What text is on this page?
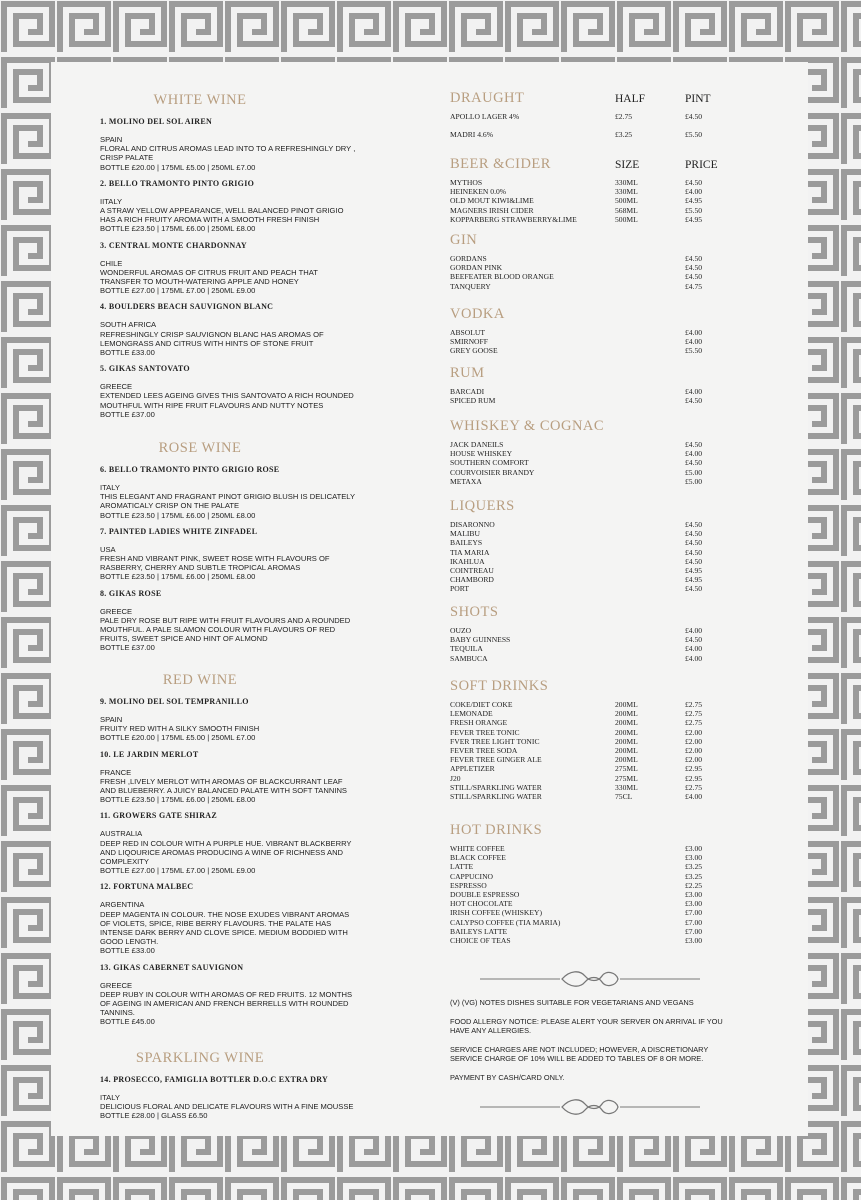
WHITE WINE
1. MOLINO DEL SOL AIREN
SPAIN
FLORAL AND CITRUS AROMAS LEAD INTO TO A REFRESHINGLY DRY ,
CRISP PALATE
BOTTLE £20.00 | 175ML £5.00 | 250ML £7.00
2. BELLO TRAMONTO PINTO GRIGIO
IITALY
A STRAW YELLOW APPEARANCE, WELL BALANCED PINOT GRIGIO
HAS A RICH FRUITY AROMA WITH A SMOOTH FRESH FINISH
BOTTLE £23.50 | 175ML £6.00 | 250ML £8.00
3. CENTRAL MONTE CHARDONNAY
CHILE
WONDERFUL AROMAS OF CITRUS FRUIT AND PEACH THAT
TRANSFER TO MOUTH-WATERING APPLE AND HONEY
BOTTLE £27.00 | 175ML £7.00 | 250ML £9.00
4. BOULDERS BEACH SAUVIGNON BLANC
SOUTH AFRICA
REFRESHINGLY CRISP SAUVIGNON BLANC HAS AROMAS OF
LEMONGRASS AND CITRUS WITH HINTS OF STONE FRUIT
BOTTLE £33.00
5. GIKAS SANTOVATO
GREECE
EXTENDED LEES AGEING GIVES THIS SANTOVATO A RICH ROUNDED
MOUTHFUL WITH RIPE FRUIT FLAVOURS AND NUTTY NOTES
BOTTLE £37.00
ROSE WINE
6. BELLO TRAMONTO PINTO GRIGIO ROSE
ITALY
THIS ELEGANT AND FRAGRANT PINOT GRIGIO BLUSH IS DELICATELY
AROMATICALY CRISP ON THE PALATE
BOTTLE £23.50 | 175ML £6.00 | 250ML £8.00
7. PAINTED LADIES WHITE ZINFADEL
USA
FRESH AND VIBRANT PINK, SWEET ROSE WITH FLAVOURS OF
RASBERRY, CHERRY AND SUBTLE TROPICAL AROMAS
BOTTLE £23.50 | 175ML £6.00 | 250ML £8.00
8. GIKAS ROSE
GREECE
PALE DRY ROSE BUT RIPE WITH FRUIT FLAVOURS AND A ROUNDED
MOUTHFUL. A PALE SLAMON COLOUR WITH FLAVOURS OF RED
FRUITS, SWEET SPICE AND HINT OF ALMOND
BOTTLE £37.00
RED WINE
9. MOLINO DEL SOL TEMPRANILLO
SPAIN
FRUITY RED WITH A SILKY SMOOTH FINISH
BOTTLE £20.00 | 175ML £5.00 | 250ML £7.00
10. LE JARDIN MERLOT
FRANCE
FRESH ,LIVELY MERLOT WITH AROMAS OF BLACKCURRANT LEAF
AND BLUEBERRY. A JUICY BALANCED PALATE WITH SOFT TANNINS
BOTTLE £23.50 | 175ML £6.00 | 250ML £8.00
11. GROWERS GATE SHIRAZ
AUSTRALIA
DEEP RED IN COLOUR WITH A PURPLE HUE. VIBRANT BLACKBERRY
AND LIQOURICE AROMAS PRODUCING A WINE OF RICHNESS AND
COMPLEXITY
BOTTLE £27.00 | 175ML £7.00 | 250ML £9.00
12. FORTUNA MALBEC
ARGENTINA
DEEP MAGENTA IN COLOUR. THE NOSE EXUDES VIBRANT AROMAS
OF VIOLETS, SPICE, RIBE BERRY FLAVOURS. THE PALATE HAS
INTENSE DARK BERRY AND CLOVE SPICE. MEDIUM BODDIED WITH
GOOD LENGTH.
BOTTLE £33.00
13. GIKAS CABERNET SAUVIGNON
GREECE
DEEP RUBY IN COLOUR WITH AROMAS OF RED FRUITS. 12 MONTHS
OF AGEING IN AMERICAN AND FRENCH BERRELLS WITH ROUNDED
TANNINS.
BOTTLE £45.00
SPARKLING WINE
14. PROSECCO, FAMIGLIA BOTTLER D.O.C EXTRA DRY
ITALY
DELICIOUS FLORAL AND DELICATE FLAVOURS WITH A FINE MOUSSE
BOTTLE £28.00 | GLASS £6.50
DRAUGHT	HALF	PINT
APOLLO LAGER 4%	£2.75	£4.50
MADRI 4.6%	£3.25	£5.50
BEER &CIDER	SIZE	PRICE
MYTHOS	330ML	£4.50
HEINEKEN 0.0%	330ML	£4.00
OLD MOUT KIWI&LIME	500ML	£4.95
MAGNERS IRISH CIDER	568ML	£5.50
KOPPARBERG STRAWBERRY&LIME	500ML	£4.95
GIN
GORDANS	£4.50
GORDAN PINK	£4.50
BEEFEATER BLOOD ORANGE	£4.50
TANQUERY	£4.75
VODKA
ABSOLUT	£4.00
SMIRNOFF	£4.00
GREY GOOSE	£5.50
RUM
BARCADI	£4.00
SPICED RUM	£4.50
WHISKEY & COGNAC
JACK DANEILS	£4.50
HOUSE WHISKEY	£4.00
SOUTHERN COMFORT	£4.50
COURVOISIER BRANDY	£5.00
METAXA	£5.00
LIQUERS
DISARONNO	£4.50
MALIBU	£4.50
BAILEYS	£4.50
TIA MARIA	£4.50
IKAHLUA	£4.50
COINTREAU	£4.95
CHAMBORD	£4.95
PORT	£4.50
SHOTS
OUZO	£4.00
BABY GUINNESS	£4.50
TEQUILA	£4.00
SAMBUCA	£4.00
SOFT DRINKS
COKE/DIET COKE	200ML	£2.75
LEMONADE	200ML	£2.75
FRESH ORANGE	200ML	£2.75
FEVER TREE TONIC	200ML	£2.00
FVER TREE LIGHT TONIC	200ML	£2.00
FEVER TREE SODA	200ML	£2.00
FEVER TREE GINGER ALE	200ML	£2.00
APPLETIZER	275ML	£2.95
J20	275ML	£2.95
STILL/SPARKLING WATER	330ML	£2.75
STILL/SPARKLING WATER	75CL	£4.00
HOT DRINKS
WHITE COFFEE	£3.00
BLACK COFFEE	£3.00
LATTE	£3.25
CAPPUCINO	£3.25
ESPRESSO	£2.25
DOUBLE ESPRESSO	£3.00
HOT CHOCOLATE	£3.00
IRISH COFFEE (WHISKEY)	£7.00
CALYPSO COFFEE (TIA MARIA)	£7.00
BAILEYS LATTE	£7.00
CHOICE OF TEAS	£3.00
(V) (VG) NOTES DISHES SUITABLE FOR VEGETARIANS AND VEGANS
FOOD ALLERGY NOTICE: PLEASE ALERT YOUR SERVER ON ARRIVAL IF YOU HAVE ANY ALLERGIES.
SERVICE CHARGES ARE NOT INCLUDED; HOWEVER, A DISCRETIONARY SERVICE CHARGE OF 10% WILL BE ADDED TO TABLES OF 8 OR MORE.
PAYMENT BY CASH/CARD ONLY.
